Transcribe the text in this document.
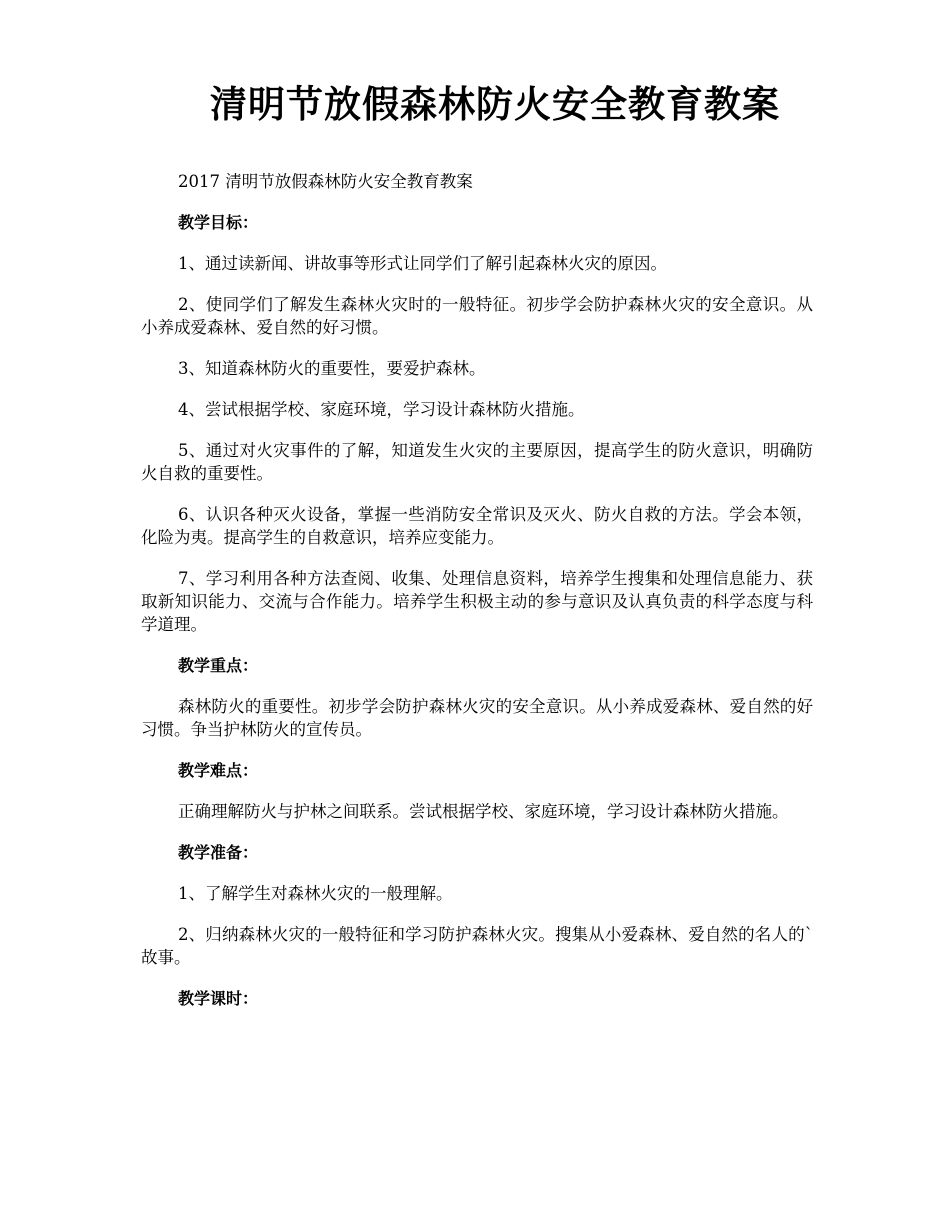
清明节放假森林防火安全教育教案

2017 清明节放假森林防火安全教育教案

教学目标：

1、通过读新闻、讲故事等形式让同学们了解引起森林火灾的原因。

2、使同学们了解发生森林火灾时的一般特征。初步学会防护森林火灾的安全意识。从小养成爱森林、爱自然的好习惯。

3、知道森林防火的重要性，要爱护森林。

4、尝试根据学校、家庭环境，学习设计森林防火措施。

5、通过对火灾事件的了解，知道发生火灾的主要原因，提高学生的防火意识，明确防火自救的重要性。

6、认识各种灭火设备，掌握一些消防安全常识及灭火、防火自救的方法。学会本领，化险为夷。提高学生的自救意识，培养应变能力。

7、学习利用各种方法查阅、收集、处理信息资料，培养学生搜集和处理信息能力、获取新知识能力、交流与合作能力。培养学生积极主动的参与意识及认真负责的科学态度与科学道理。

教学重点：

森林防火的重要性。初步学会防护森林火灾的安全意识。从小养成爱森林、爱自然的好习惯。争当护林防火的宣传员。

教学难点：

正确理解防火与护林之间联系。尝试根据学校、家庭环境，学习设计森林防火措施。

教学准备：

1、了解学生对森林火灾的一般理解。

2、归纳森林火灾的一般特征和学习防护森林火灾。搜集从小爱森林、爱自然的名人的`故事。

教学课时：
